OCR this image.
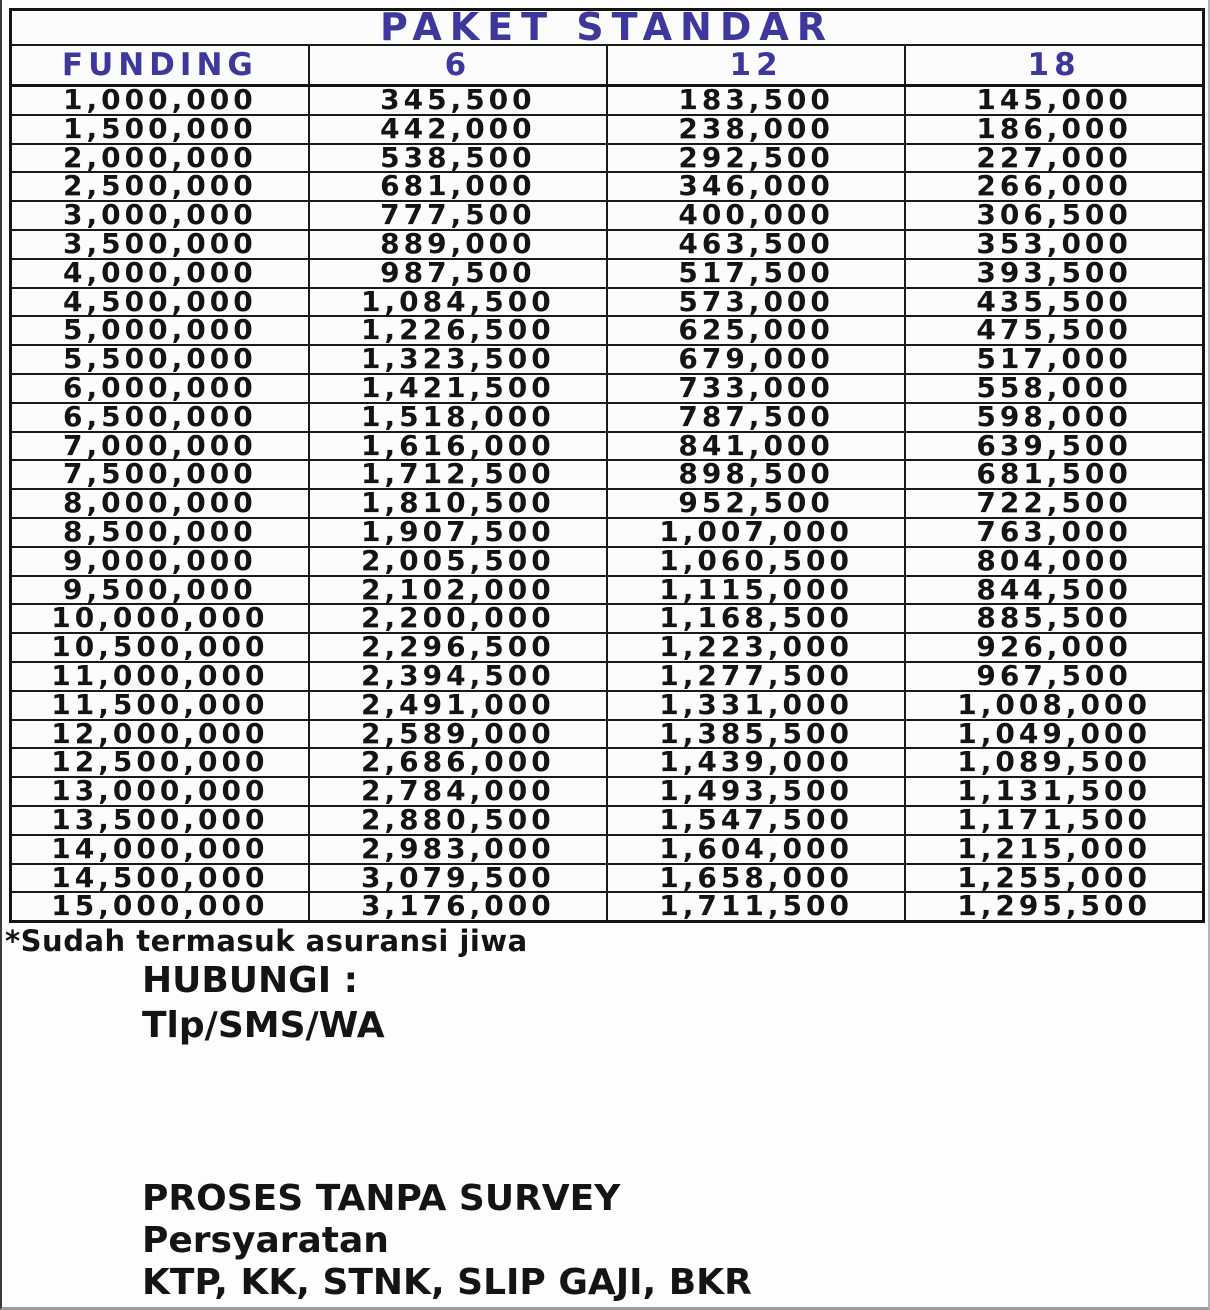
PAKET STANDAR			
FUNDING	6	12	18
1,000,000	345,500	183,500	145,000
1,500,000	442,000	238,000	186,000
2,000,000	538,500	292,500	227,000
2,500,000	681,000	346,000	266,000
3,000,000	777,500	400,000	306,500
3,500,000	889,000	463,500	353,000
4,000,000	987,500	517,500	393,500
4,500,000	1,084,500	573,000	435,500
5,000,000	1,226,500	625,000	475,500
5,500,000	1,323,500	679,000	517,000
6,000,000	1,421,500	733,000	558,000
6,500,000	1,518,000	787,500	598,000
7,000,000	1,616,000	841,000	639,500
7,500,000	1,712,500	898,500	681,500
8,000,000	1,810,500	952,500	722,500
8,500,000	1,907,500	1,007,000	763,000
9,000,000	2,005,500	1,060,500	804,000
9,500,000	2,102,000	1,115,000	844,500
10,000,000	2,200,000	1,168,500	885,500
10,500,000	2,296,500	1,223,000	926,000
11,000,000	2,394,500	1,277,500	967,500
11,500,000	2,491,000	1,331,000	1,008,000
12,000,000	2,589,000	1,385,500	1,049,000
12,500,000	2,686,000	1,439,000	1,089,500
13,000,000	2,784,000	1,493,500	1,131,500
13,500,000	2,880,500	1,547,500	1,171,500
14,000,000	2,983,000	1,604,000	1,215,000
14,500,000	3,079,500	1,658,000	1,255,000
15,000,000	3,176,000	1,711,500	1,295,500
*Sudah termasuk asuransi jiwa
HUBUNGI :
Tlp/SMS/WA
PROSES TANPA SURVEY
Persyaratan
KTP, KK, STNK, SLIP GAJI, BKR
